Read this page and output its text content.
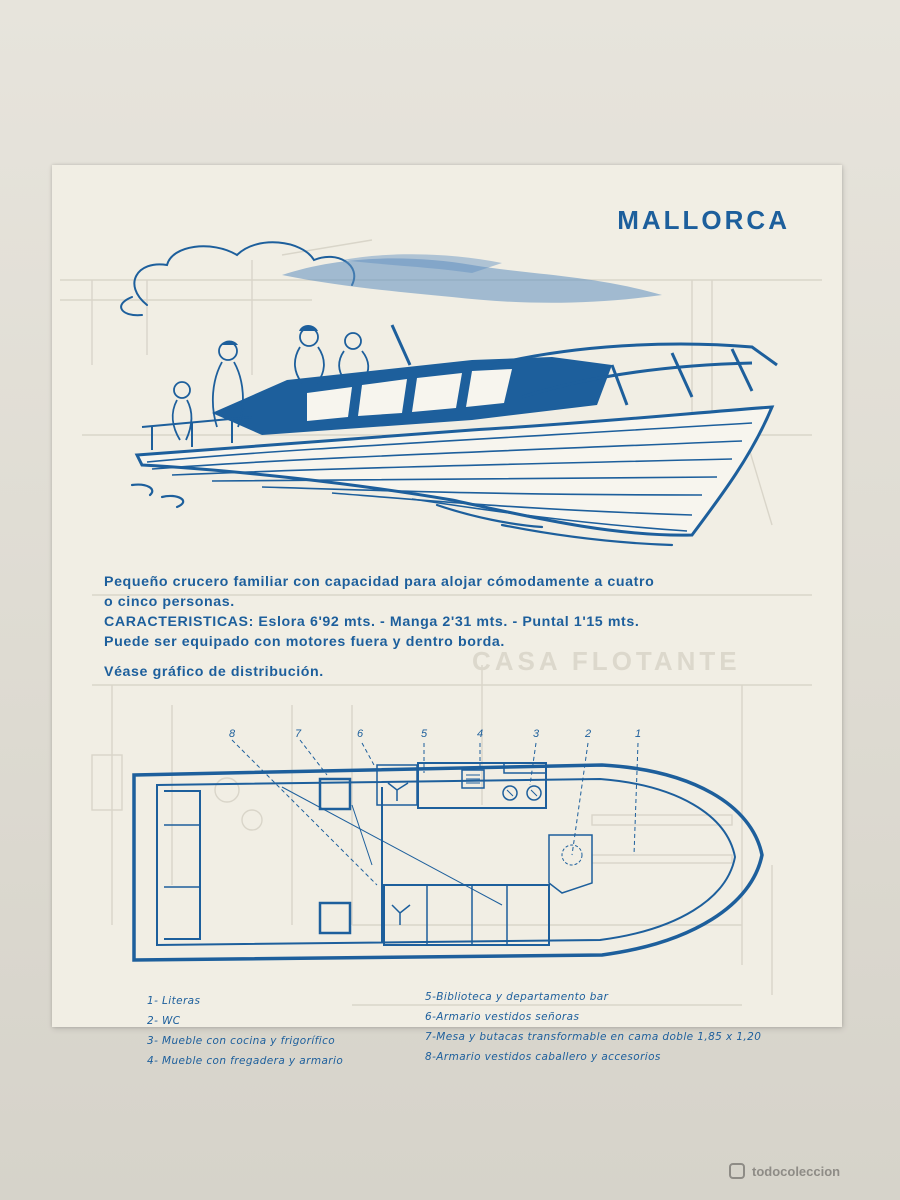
CASA FLOTANTE
MALLORCA

Pequeño crucero familiar con capacidad para alojar cómodamente a cuatro

o cinco personas.

CARACTERISTICAS: Eslora 6'92 mts. - Manga 2'31 mts. - Puntal 1'15 mts.

Puede ser equipado con motores fuera y dentro borda.

Véase gráfico de distribución.

8	7	6	5	4	3	2	1
1- Literas
2- WC
3- Mueble con cocina y frigorífico
4- Mueble con fregadera y armario
5-Biblioteca y departamento bar
6-Armario vestidos señoras
7-Mesa y butacas transformable en cama doble 1,85 x 1,20
8-Armario vestidos caballero y accesorios
todocoleccion
